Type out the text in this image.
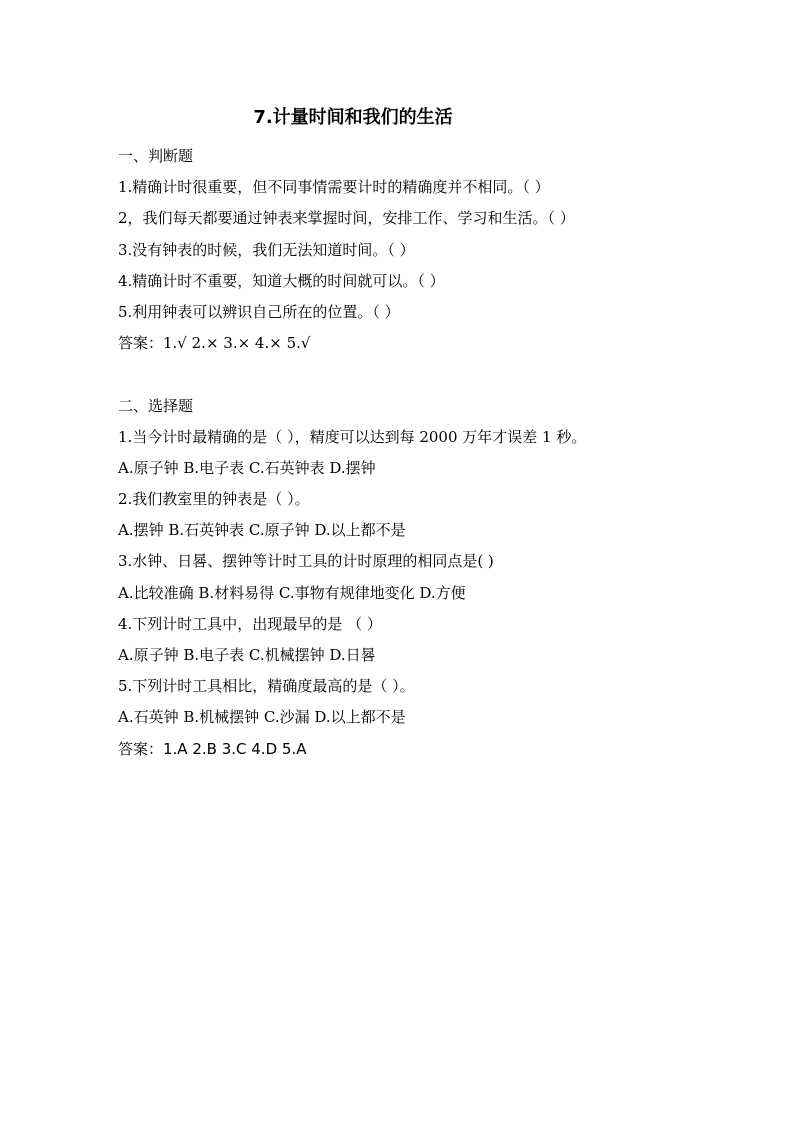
7.计量时间和我们的生活
一、判断题
1.精确计时很重要，但不同事情需要计时的精确度并不相同。（ ）
2，我们每天都要通过钟表来掌握时间，安排工作、学习和生活。（ ）
3.没有钟表的时候，我们无法知道时间。（ ）
4.精确计时不重要，知道大概的时间就可以。（ ）
5.利用钟表可以辨识自己所在的位置。（ ）
答案：1.√ 2.× 3.× 4.× 5.√
二、选择题
1.当今计时最精确的是（ ），精度可以达到每 2000 万年才误差 1 秒。
A.原子钟 B.电子表 C.石英钟表 D.摆钟
2.我们教室里的钟表是（ ）。
A.摆钟 B.石英钟表 C.原子钟 D.以上都不是
3.水钟、日晷、摆钟等计时工具的计时原理的相同点是( )
A.比较准确 B.材料易得 C.事物有规律地变化 D.方便
4.下列计时工具中，出现最早的是 （ ）
A.原子钟 B.电子表 C.机械摆钟 D.日晷
5.下列计时工具相比，精确度最高的是（ ）。
A.石英钟 B.机械摆钟 C.沙漏 D.以上都不是
答案：1.A 2.B 3.C 4.D 5.A
